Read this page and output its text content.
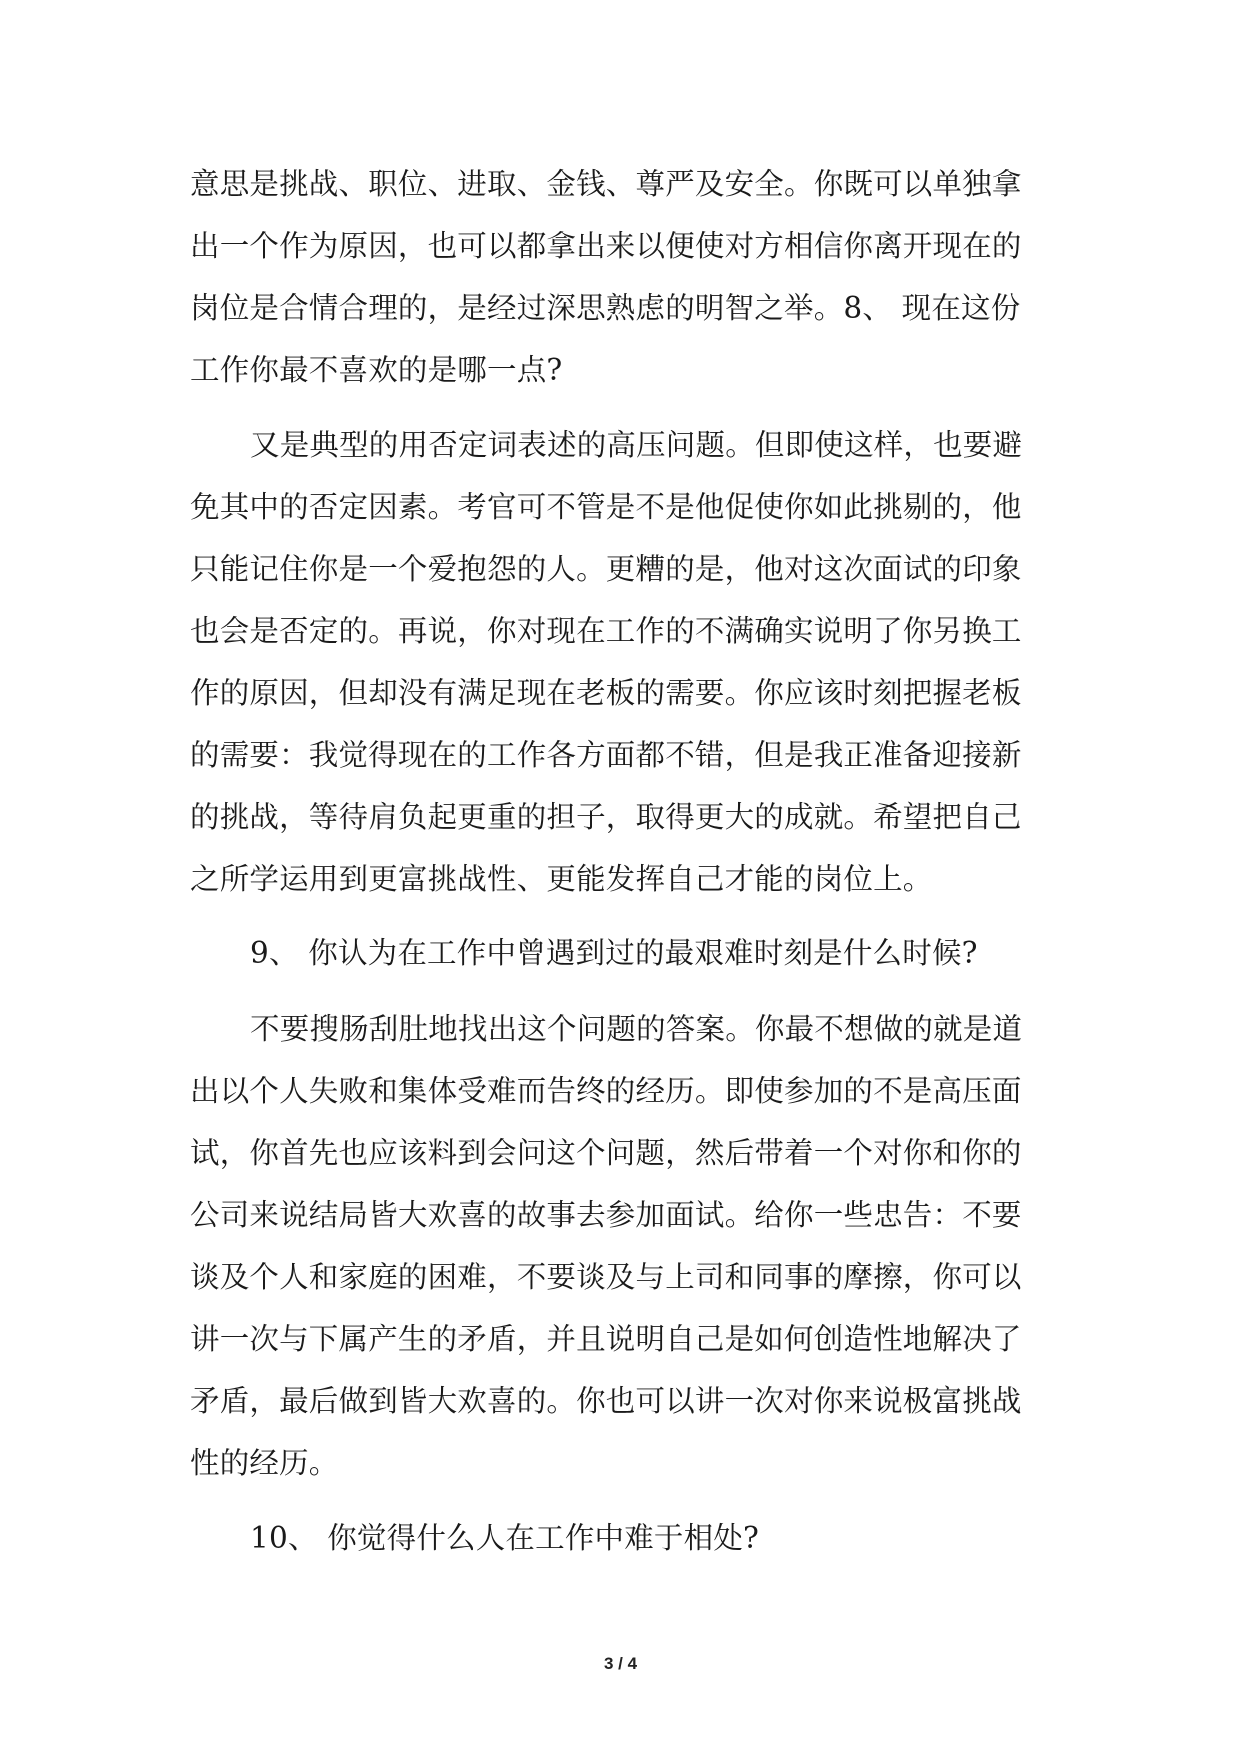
意思是挑战、职位、进取、金钱、尊严及安全。你既可以单独拿
出一个作为原因，也可以都拿出来以便使对方相信你离开现在的
岗位是合情合理的，是经过深思熟虑的明智之举。8、 现在这份
工作你最不喜欢的是哪一点?
又是典型的用否定词表述的高压问题。但即使这样，也要避
免其中的否定因素。考官可不管是不是他促使你如此挑剔的，他
只能记住你是一个爱抱怨的人。更糟的是，他对这次面试的印象
也会是否定的。再说，你对现在工作的不满确实说明了你另换工
作的原因，但却没有满足现在老板的需要。你应该时刻把握老板
的需要：我觉得现在的工作各方面都不错，但是我正准备迎接新
的挑战，等待肩负起更重的担子，取得更大的成就。希望把自己
之所学运用到更富挑战性、更能发挥自己才能的岗位上。
9、 你认为在工作中曾遇到过的最艰难时刻是什么时候?
不要搜肠刮肚地找出这个问题的答案。你最不想做的就是道
出以个人失败和集体受难而告终的经历。即使参加的不是高压面
试，你首先也应该料到会问这个问题，然后带着一个对你和你的
公司来说结局皆大欢喜的故事去参加面试。给你一些忠告：不要
谈及个人和家庭的困难，不要谈及与上司和同事的摩擦，你可以
讲一次与下属产生的矛盾，并且说明自己是如何创造性地解决了
矛盾，最后做到皆大欢喜的。你也可以讲一次对你来说极富挑战
性的经历。
10、 你觉得什么人在工作中难于相处?
3 / 4
